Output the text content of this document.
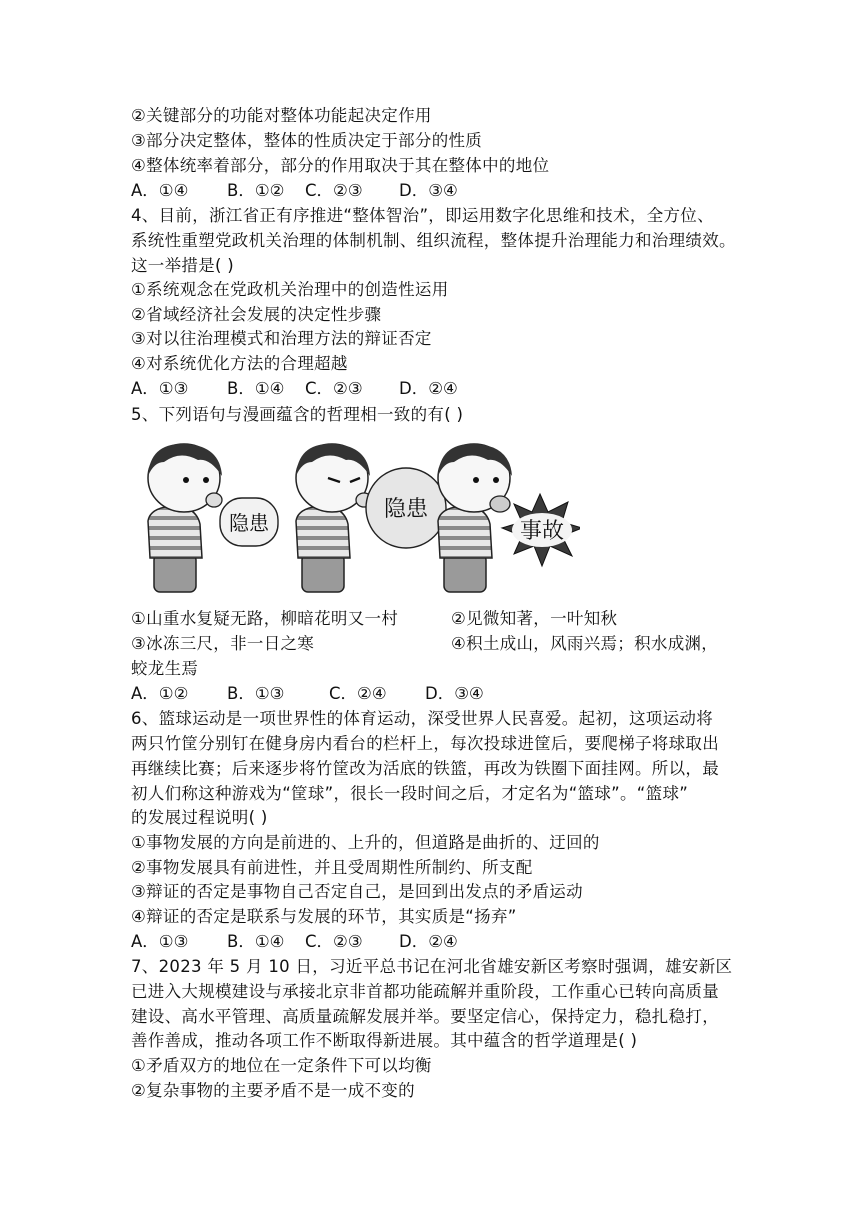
②关键部分的功能对整体功能起决定作用
③部分决定整体，整体的性质决定于部分的性质
④整体统率着部分，部分的作用取决于其在整体中的地位
A．①④ B．①② C．②③ D．③④
4、目前，浙江省正有序推进“整体智治”，即运用数字化思维和技术，全方位、
系统性重塑党政机关治理的体制机制、组织流程，整体提升治理能力和治理绩效。
这一举措是( )
①系统观念在党政机关治理中的创造性运用
②省域经济社会发展的决定性步骤
③对以往治理模式和治理方法的辩证否定
④对系统优化方法的合理超越
A．①③ B．①④ C．②③ D．②④
5、下列语句与漫画蕴含的哲理相一致的有( )
隐患
隐患
事故
①山重水复疑无路，柳暗花明又一村	②见微知著，一叶知秋
③冰冻三尺，非一日之寒	④积土成山，风雨兴焉；积水成渊，
蛟龙生焉
A．①② B．①③	C．②④ D．③④
6、篮球运动是一项世界性的体育运动，深受世界人民喜爱。起初，这项运动将
两只竹筐分别钉在健身房内看台的栏杆上，每次投球进筐后，要爬梯子将球取出
再继续比赛；后来逐步将竹筐改为活底的铁篮，再改为铁圈下面挂网。所以，最
初人们称这种游戏为“筐球”，很长一段时间之后，才定名为“篮球”。“篮球”
的发展过程说明( )
①事物发展的方向是前进的、上升的，但道路是曲折的、迂回的
②事物发展具有前进性，并且受周期性所制约、所支配
③辩证的否定是事物自己否定自己，是回到出发点的矛盾运动
④辩证的否定是联系与发展的环节，其实质是“扬弃”
A．①③ B．①④ C．②③ D．②④
7、2023 年 5 月 10 日，习近平总书记在河北省雄安新区考察时强调，雄安新区
已进入大规模建设与承接北京非首都功能疏解并重阶段，工作重心已转向高质量
建设、高水平管理、高质量疏解发展并举。要坚定信心，保持定力，稳扎稳打，
善作善成，推动各项工作不断取得新进展。其中蕴含的哲学道理是( )
①矛盾双方的地位在一定条件下可以均衡
②复杂事物的主要矛盾不是一成不变的
